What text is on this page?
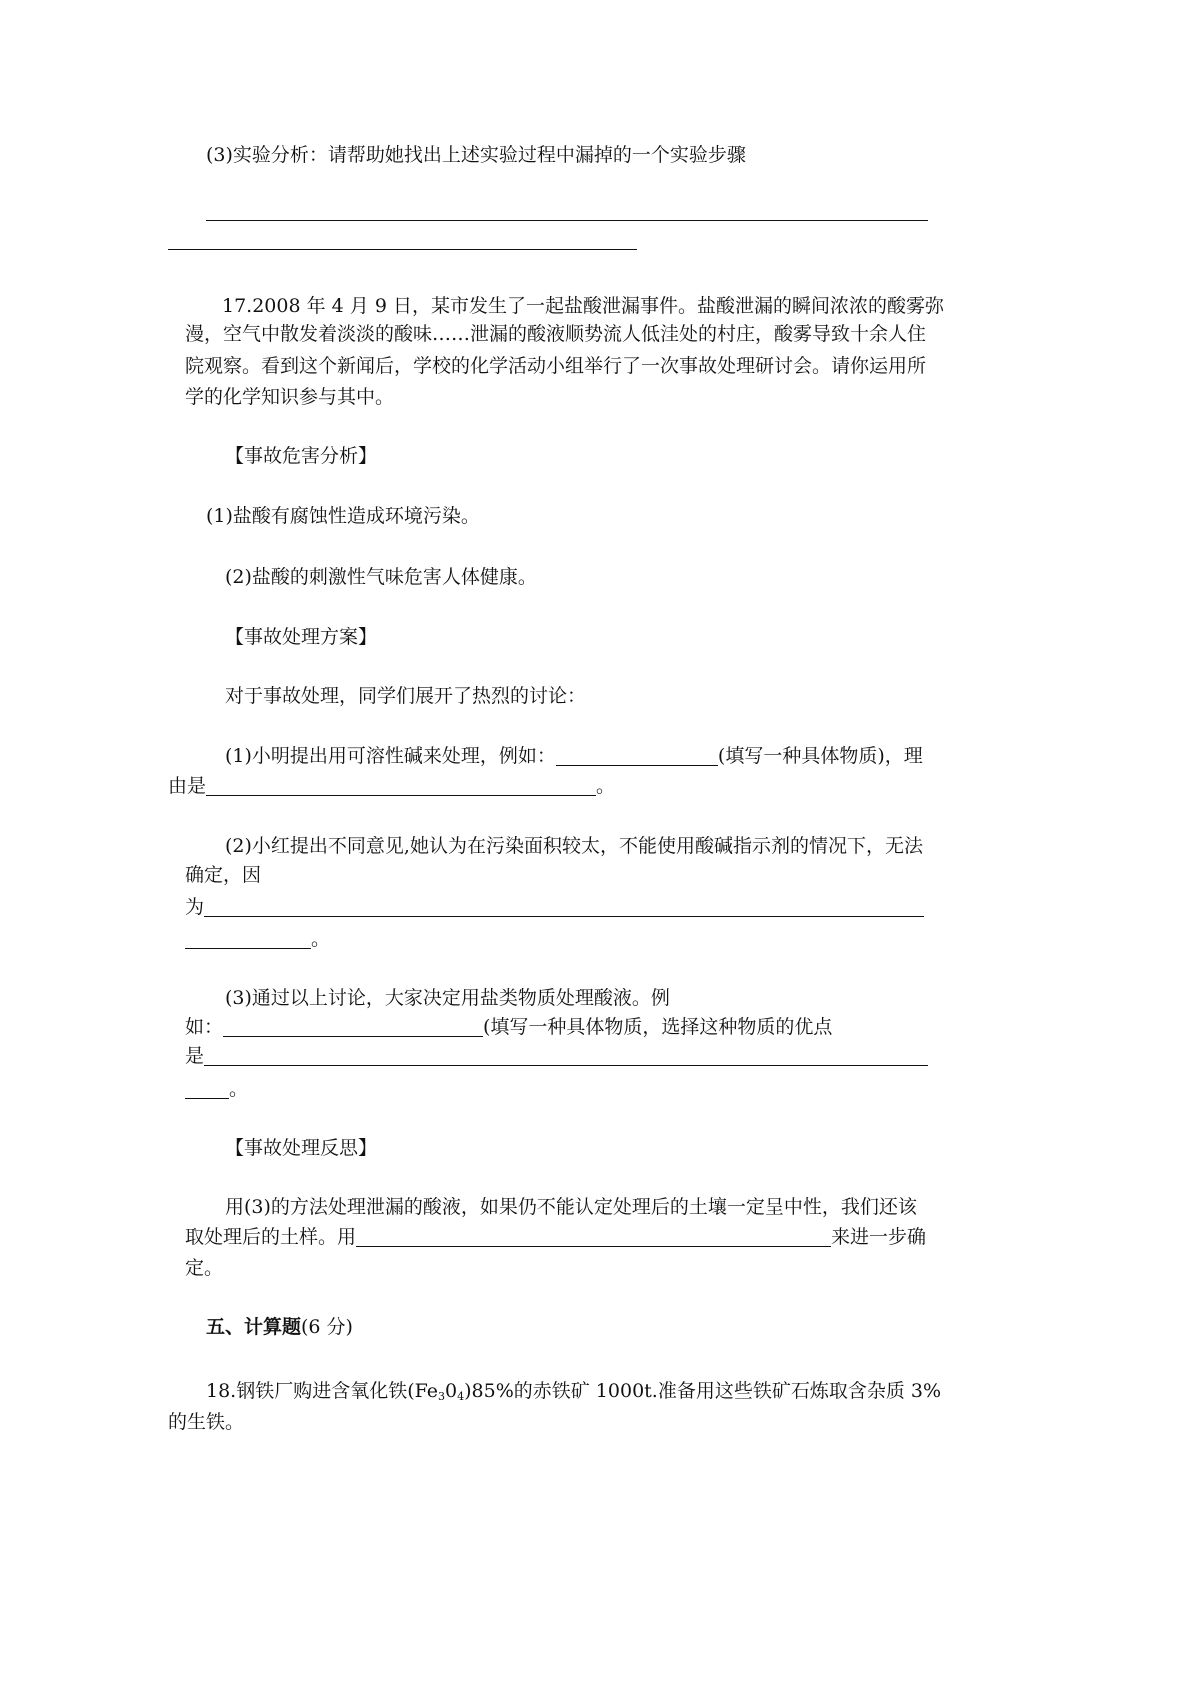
(3)实验分析：请帮助她找出上述实验过程中漏掉的一个实验步骤
17.2008 年 4 月 9 日，某市发生了一起盐酸泄漏事件。盐酸泄漏的瞬间浓浓的酸雾弥
漫，空气中散发着淡淡的酸味……泄漏的酸液顺势流人低洼处的村庄，酸雾导致十余人住
院观察。看到这个新闻后，学校的化学活动小组举行了一次事故处理研讨会。请你运用所
学的化学知识参与其中。
【事故危害分析】
(1)盐酸有腐蚀性造成环境污染。
(2)盐酸的刺激性气味危害人体健康。
【事故处理方案】
对于事故处理，同学们展开了热烈的讨论：
(1)小明提出用可溶性碱来处理，例如：	(填写一种具体物质)，理
由是	。
(2)小红提出不同意见,她认为在污染面积较太，不能使用酸碱指示剂的情况下，无法
确定，因
为
。
(3)通过以上讨论，大家决定用盐类物质处理酸液。例
如：	(填写一种具体物质，选择这种物质的优点
是
。
【事故处理反思】
用(3)的方法处理泄漏的酸液，如果仍不能认定处理后的土壤一定呈中性，我们还该
取处理后的土样。用	来进一步确
定。
五、计算题(6 分)
18.钢铁厂购进含氧化铁$(Fe_30_4)85\%$的赤铁矿 1000t.准备用这些铁矿石炼取含杂质 3%
的生铁。
